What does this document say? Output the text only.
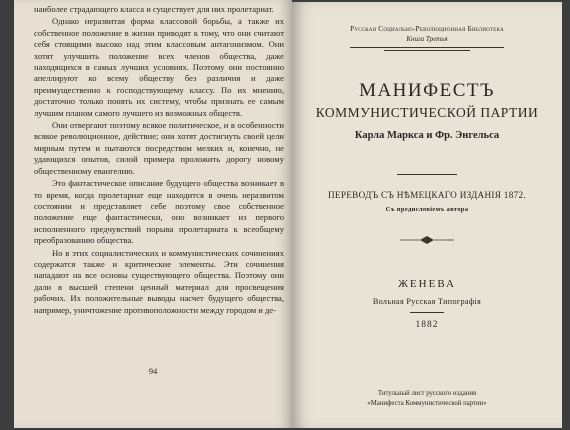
наиболее страдающего класса и существует для них пролетариат.

Однако неразвитая форма классовой борьбы, а также их собственное положение в жизни приводят к тому, что они считают себя стоящими высоко над этим классовым антагонизмом. Они хотят улучшить положение всех членов общества, даже находящихся в самых лучших условиях. Поэтому они постоянно апеллируют ко всему обществу без различия и даже преимущественно к господствующему классу. По их мнению, достаточно только понять их систему, чтобы признать ее самым лучшим планом самого лучшего из возможных обществ.

Они отвергают поэтому всякое политическое, и в особенности всякое революционное, действие; они хотят достигнуть своей цели мирным путем и пытаются посредством мелких и, конечно, не удающихся опытов, силой примера проложить дорогу новому общественному евангелию.

Это фантастическое описание будущего общества возникает в то время, когда пролетариат еще находится в очень неразвитом состоянии и представляет себе поэтому свое собственное положение еще фантастически, оно возникает из первого исполненного предчувствий порыва пролетариата к всеобщему преобразованию общества.

Но в этих социалистических и коммунистических сочинениях содержатся также и критические элементы. Эти сочинения нападают на все основы существующего общества. Поэтому они дали в высшей степени ценный материал для просвещения рабочих. Их положительные выводы насчет будущего общества, например, уничтожение противоположности между городом и де-

94
Русская Социально-Революционная Библиотека
Книга Третья
МАНИФЕСТЪ
КОММУНИСТИЧЕСКОЙ ПАРТИИ
Карла Маркса и Фр. Энгельса
ПЕРЕВОДЪ СЪ НѢМЕЦКАГО ИЗДАНІЯ 1872.
Съ предисловіемъ автора
ЖЕНЕВА
Вольная Русская Типографія
1882
Титульный лист русского издания
«Манифеста Коммунистической партии»
